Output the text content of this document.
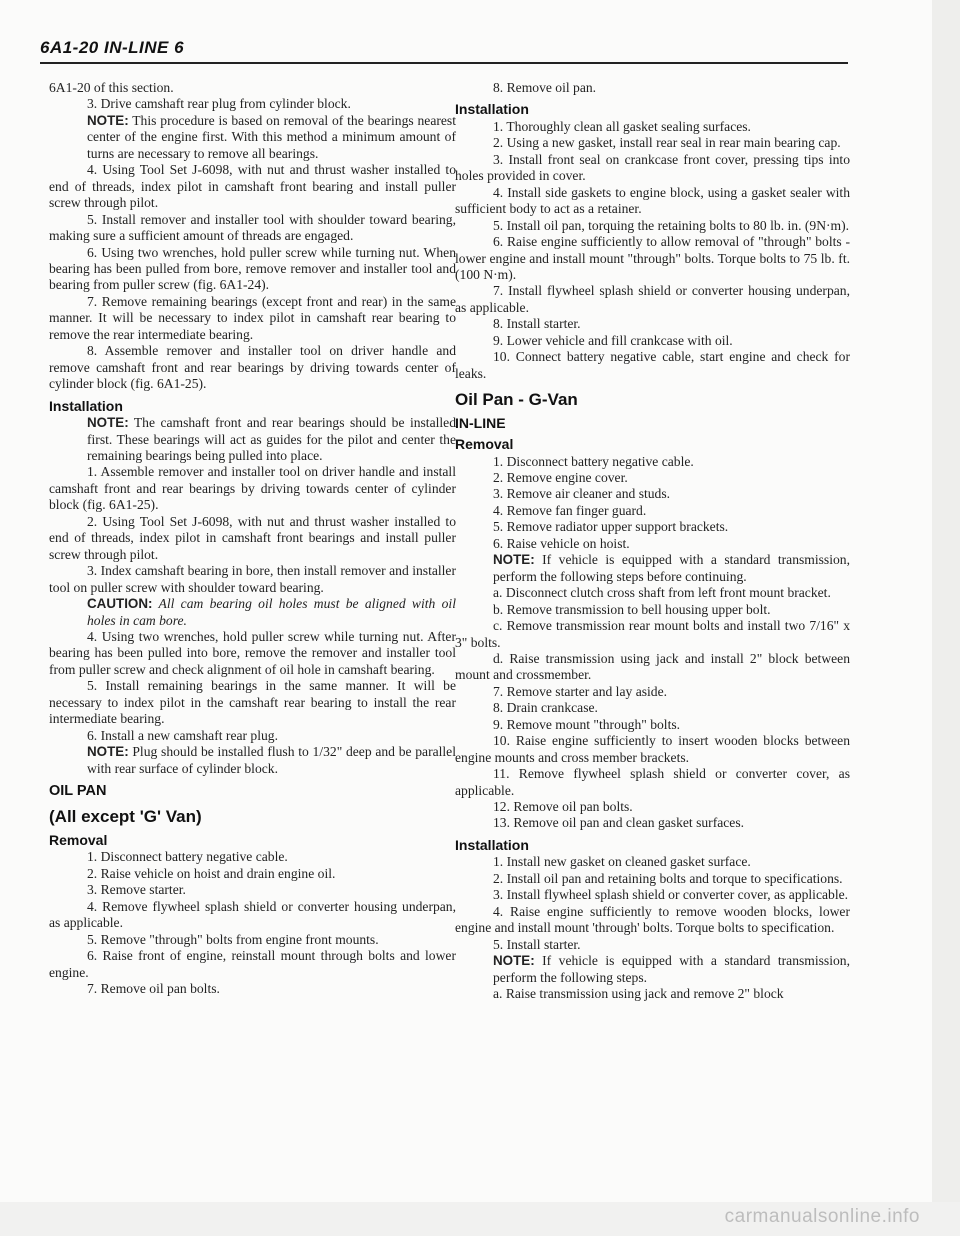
6A1-20 IN-LINE 6

6A1-20 of this section.

3. Drive camshaft rear plug from cylinder block.

NOTE: This procedure is based on removal of the bearings nearest center of the engine first. With this method a minimum amount of turns are necessary to remove all bearings.

4. Using Tool Set J-6098, with nut and thrust washer installed to end of threads, index pilot in camshaft front bearing and install puller screw through pilot.

5. Install remover and installer tool with shoulder toward bearing, making sure a sufficient amount of threads are engaged.

6. Using two wrenches, hold puller screw while turning nut. When bearing has been pulled from bore, remove remover and installer tool and bearing from puller screw (fig. 6A1-24).

7. Remove remaining bearings (except front and rear) in the same manner. It will be necessary to index pilot in camshaft rear bearing to remove the rear intermediate bearing.

8. Assemble remover and installer tool on driver handle and remove camshaft front and rear bearings by driving towards center of cylinder block (fig. 6A1-25).

Installation

NOTE: The camshaft front and rear bearings should be installed first. These bearings will act as guides for the pilot and center the remaining bearings being pulled into place.

1. Assemble remover and installer tool on driver handle and install camshaft front and rear bearings by driving towards center of cylinder block (fig. 6A1-25).

2. Using Tool Set J-6098, with nut and thrust washer installed to end of threads, index pilot in camshaft front bearings and install puller screw through pilot.

3. Index camshaft bearing in bore, then install remover and installer tool on puller screw with shoulder toward bearing.

CAUTION: All cam bearing oil holes must be aligned with oil holes in cam bore.

4. Using two wrenches, hold puller screw while turning nut. After bearing has been pulled into bore, remove the remover and installer tool from puller screw and check alignment of oil hole in camshaft bearing.

5. Install remaining bearings in the same manner. It will be necessary to index pilot in the camshaft rear bearing to install the rear intermediate bearing.

6. Install a new camshaft rear plug.

NOTE: Plug should be installed flush to 1/32" deep and be parallel with rear surface of cylinder block.

OIL PAN

(All except 'G' Van)

Removal

1. Disconnect battery negative cable.

2. Raise vehicle on hoist and drain engine oil.

3. Remove starter.

4. Remove flywheel splash shield or converter housing underpan, as applicable.

5. Remove "through" bolts from engine front mounts.

6. Raise front of engine, reinstall mount through bolts and lower engine.

7. Remove oil pan bolts.

8. Remove oil pan.

Installation

1. Thoroughly clean all gasket sealing surfaces.

2. Using a new gasket, install rear seal in rear main bearing cap.

3. Install front seal on crankcase front cover, pressing tips into holes provided in cover.

4. Install side gaskets to engine block, using a gasket sealer with sufficient body to act as a retainer.

5. Install oil pan, torquing the retaining bolts to 80 lb. in. (9N·m).

6. Raise engine sufficiently to allow removal of "through" bolts - lower engine and install mount "through" bolts. Torque bolts to 75 lb. ft. (100 N·m).

7. Install flywheel splash shield or converter housing underpan, as applicable.

8. Install starter.

9. Lower vehicle and fill crankcase with oil.

10. Connect battery negative cable, start engine and check for leaks.

Oil Pan - G-Van

IN-LINE

Removal

1. Disconnect battery negative cable.

2. Remove engine cover.

3. Remove air cleaner and studs.

4. Remove fan finger guard.

5. Remove radiator upper support brackets.

6. Raise vehicle on hoist.

NOTE: If vehicle is equipped with a standard transmission, perform the following steps before continuing.

a. Disconnect clutch cross shaft from left front mount bracket.

b. Remove transmission to bell housing upper bolt.

c. Remove transmission rear mount bolts and install two 7/16" x 3" bolts.

d. Raise transmission using jack and install 2" block between mount and crossmember.

7. Remove starter and lay aside.

8. Drain crankcase.

9. Remove mount "through" bolts.

10. Raise engine sufficiently to insert wooden blocks between engine mounts and cross member brackets.

11. Remove flywheel splash shield or converter cover, as applicable.

12. Remove oil pan bolts.

13. Remove oil pan and clean gasket surfaces.

Installation

1. Install new gasket on cleaned gasket surface.

2. Install oil pan and retaining bolts and torque to specifications.

3. Install flywheel splash shield or converter cover, as applicable.

4. Raise engine sufficiently to remove wooden blocks, lower engine and install mount 'through' bolts. Torque bolts to specification.

5. Install starter.

NOTE: If vehicle is equipped with a standard transmission, perform the following steps.

a. Raise transmission using jack and remove 2" block

carmanualsonline.info
